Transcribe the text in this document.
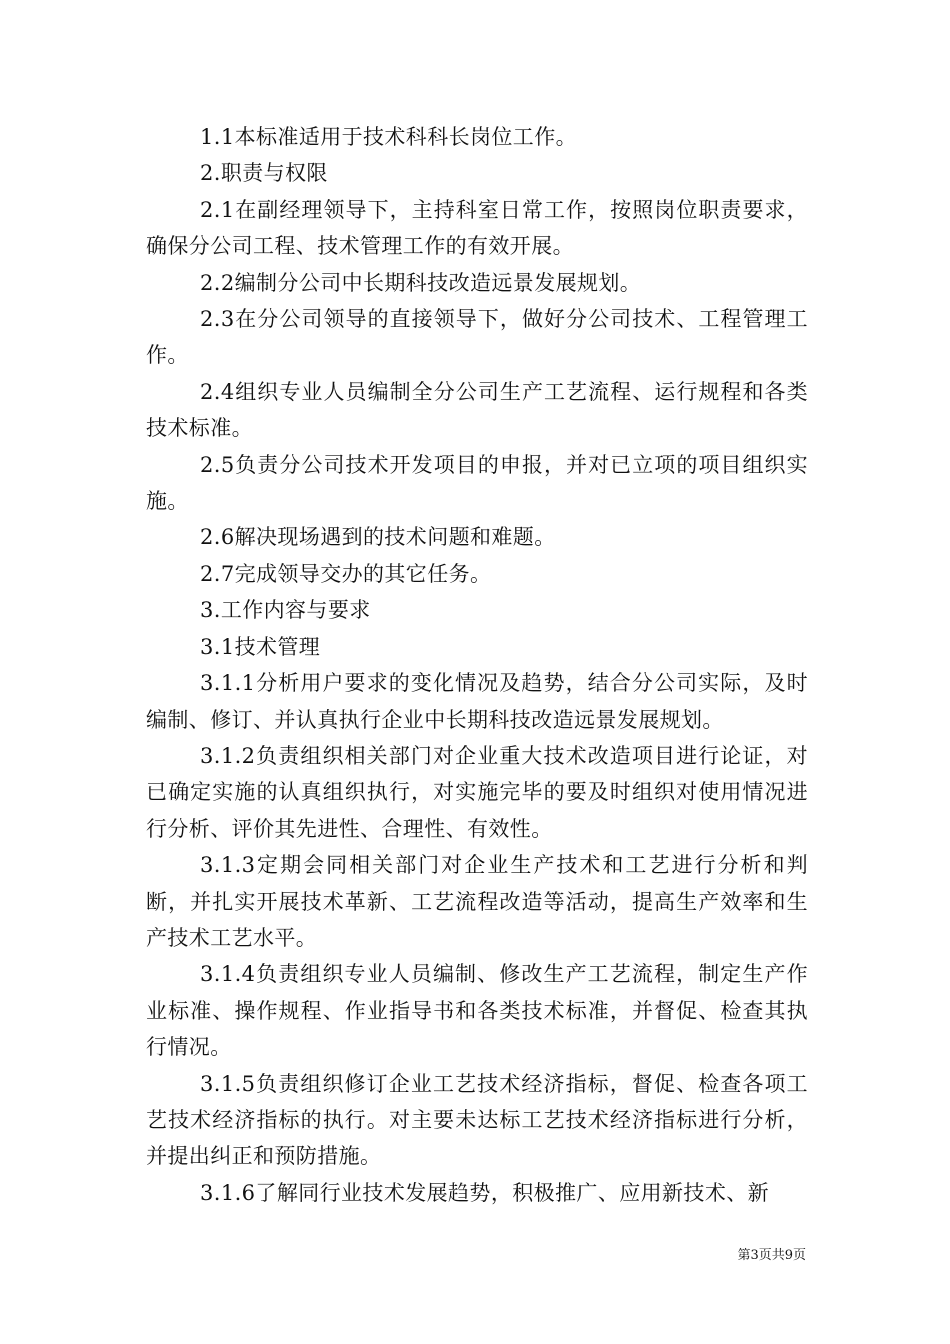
1.1本标准适用于技术科科长岗位工作。

2.职责与权限

2.1在副经理领导下，主持科室日常工作，按照岗位职责要求，确保分公司工程、技术管理工作的有效开展。

2.2编制分公司中长期科技改造远景发展规划。

2.3在分公司领导的直接领导下，做好分公司技术、工程管理工作。

2.4组织专业人员编制全分公司生产工艺流程、运行规程和各类技术标准。

2.5负责分公司技术开发项目的申报，并对已立项的项目组织实施。

2.6解决现场遇到的技术问题和难题。

2.7完成领导交办的其它任务。

3.工作内容与要求

3.1技术管理

3.1.1分析用户要求的变化情况及趋势，结合分公司实际，及时编制、修订、并认真执行企业中长期科技改造远景发展规划。

3.1.2负责组织相关部门对企业重大技术改造项目进行论证，对已确定实施的认真组织执行，对实施完毕的要及时组织对使用情况进行分析、评价其先进性、合理性、有效性。

3.1.3定期会同相关部门对企业生产技术和工艺进行分析和判断，并扎实开展技术革新、工艺流程改造等活动，提高生产效率和生产技术工艺水平。

3.1.4负责组织专业人员编制、修改生产工艺流程，制定生产作业标准、操作规程、作业指导书和各类技术标准，并督促、检查其执行情况。

3.1.5负责组织修订企业工艺技术经济指标，督促、检查各项工艺技术经济指标的执行。对主要未达标工艺技术经济指标进行分析，并提出纠正和预防措施。

3.1.6了解同行业技术发展趋势，积极推广、应用新技术、新

第3页共9页
